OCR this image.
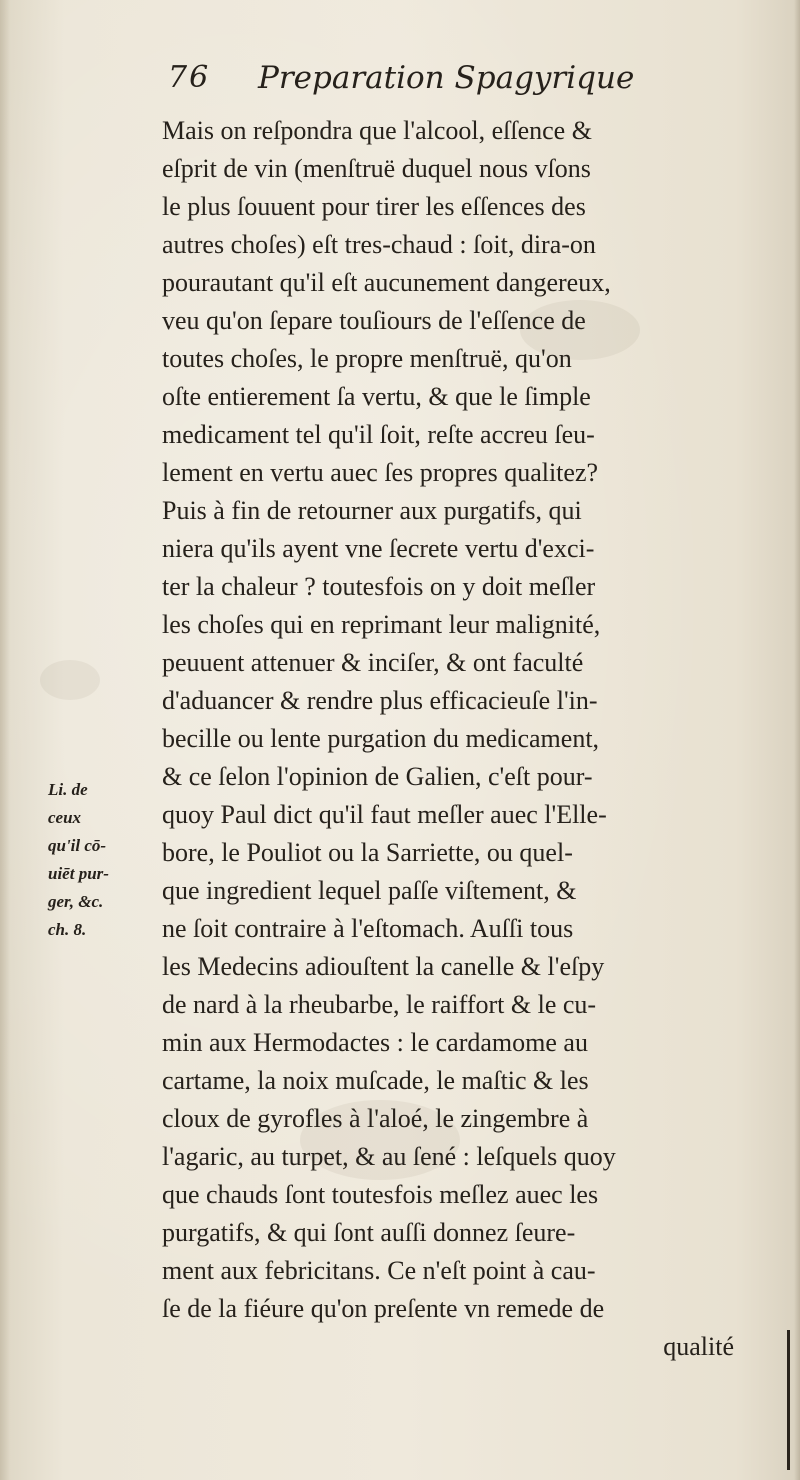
76 Preparation Spagyrique
Mais on reſpondra que l'alcool, eſſence &
eſprit de vin (menſtruë duquel nous vſons
le plus ſouuent pour tirer les eſſences des
autres choſes) eſt tres-chaud : ſoit, dira-on
pourautant qu'il eſt aucunement dangereux,
veu qu'on ſepare touſiours de l'eſſence de
toutes choſes, le propre menſtruë, qu'on
oſte entierement ſa vertu, & que le ſimple
medicament tel qu'il ſoit, reſte accreu ſeu-
lement en vertu auec ſes propres qualitez?
Puis à fin de retourner aux purgatifs, qui
niera qu'ils ayent vne ſecrete vertu d'exci-
ter la chaleur ? toutesfois on y doit meſler
les choſes qui en reprimant leur malignité,
peuuent attenuer & inciſer, & ont faculté
d'aduancer & rendre plus efficacieuſe l'in-
becille ou lente purgation du medicament,
& ce ſelon l'opinion de Galien, c'eſt pour-
quoy Paul dict qu'il faut meſler auec l'Elle-
bore, le Pouliot ou la Sarriette, ou quel-
que ingredient lequel paſſe viſtement, &
ne ſoit contraire à l'eſtomach. Auſſi tous
les Medecins adiouſtent la canelle & l'eſpy
de nard à la rheubarbe, le raiffort & le cu-
min aux Hermodactes : le cardamome au
cartame, la noix muſcade, le maſtic & les
cloux de gyrofles à l'aloé, le zingembre à
l'agaric, au turpet, & au ſené : leſquels quoy
que chauds ſont toutesfois meſlez auec les
purgatifs, & qui ſont auſſi donnez ſeure-
ment aux febricitans. Ce n'eſt point à cau-
ſe de la fiéure qu'on preſente vn remede de
qualité
Li. de
ceux
qu'il cō-
uiēt pur-
ger, &c.
ch. 8.
